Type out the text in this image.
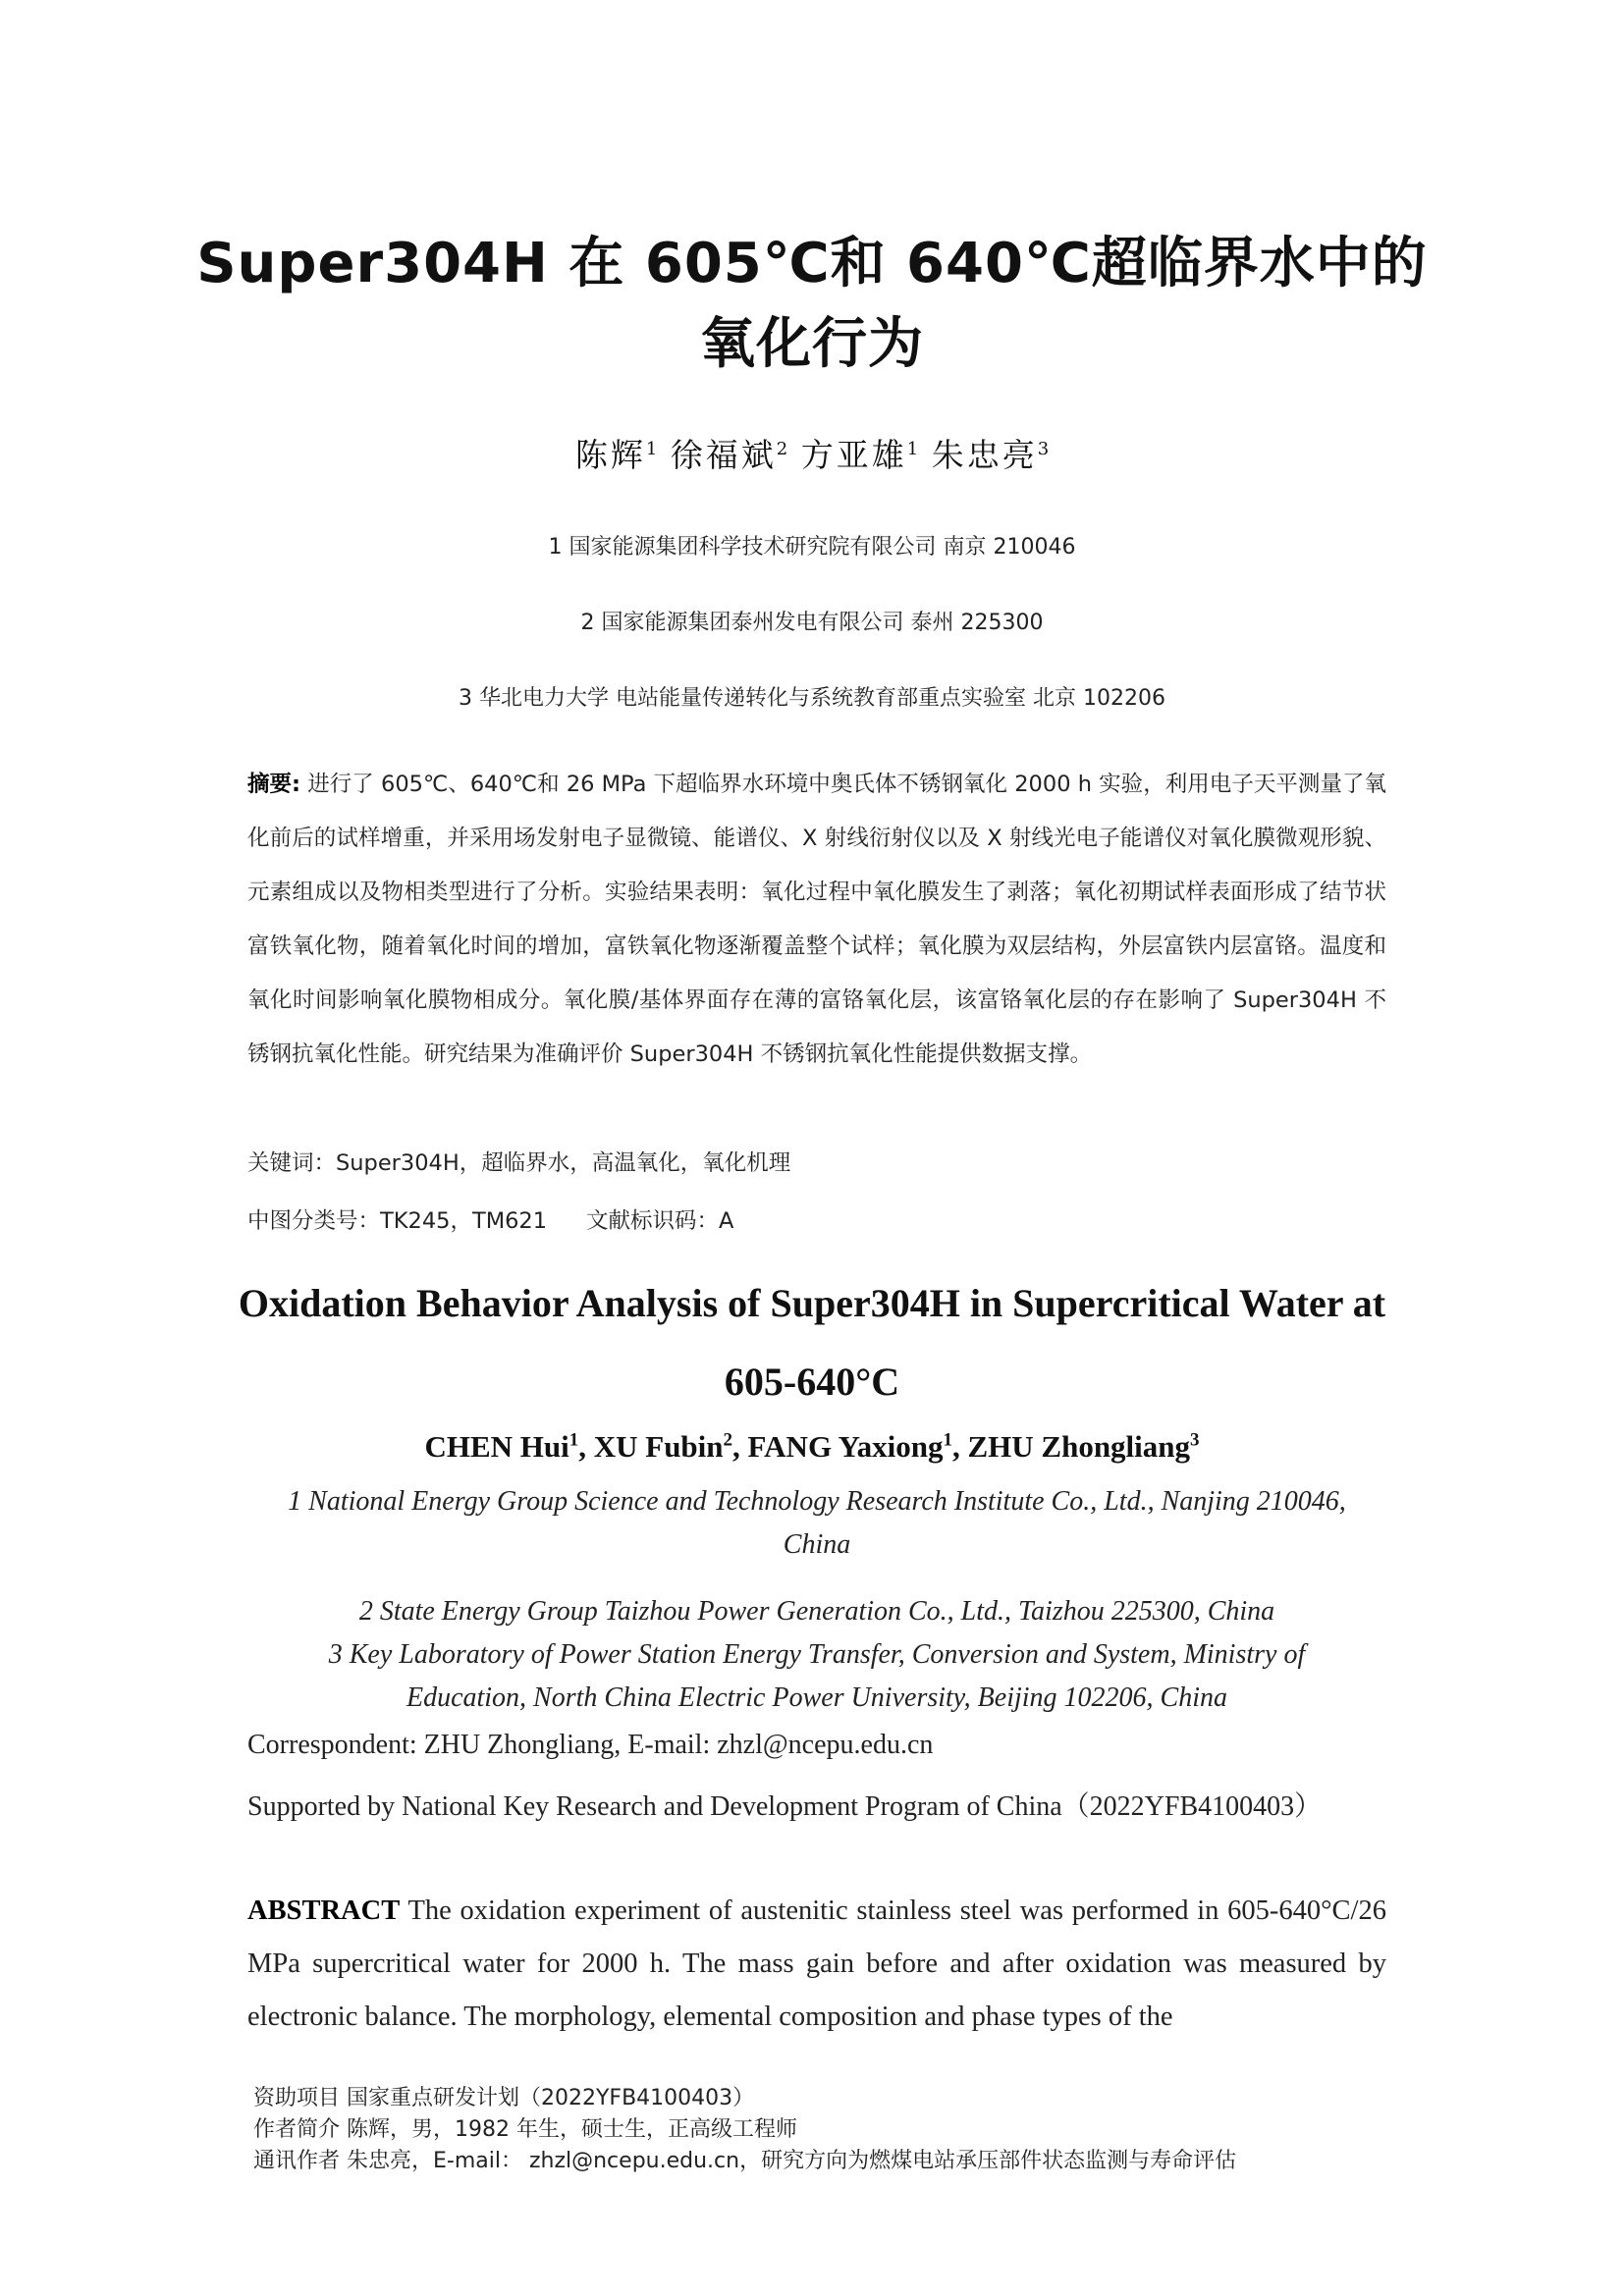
Super304H 在 605℃和 640℃超临界水中的
氧化行为
陈辉$^1$ 徐福斌$^2$ 方亚雄$^1$ 朱忠亮$^3$
1 国家能源集团科学技术研究院有限公司 南京 210046
2 国家能源集团泰州发电有限公司 泰州 225300
3 华北电力大学 电站能量传递转化与系统教育部重点实验室 北京 102206

摘要: 进行了 605℃、640℃和 26 MPa 下超临界水环境中奥氏体不锈钢氧化 2000 h 实验，利用电子天平测量了氧化前后的试样增重，并采用场发射电子显微镜、能谱仪、X 射线衍射仪以及 X 射线光电子能谱仪对氧化膜微观形貌、元素组成以及物相类型进行了分析。实验结果表明：氧化过程中氧化膜发生了剥落；氧化初期试样表面形成了结节状富铁氧化物，随着氧化时间的增加，富铁氧化物逐渐覆盖整个试样；氧化膜为双层结构，外层富铁内层富铬。温度和氧化时间影响氧化膜物相成分。氧化膜/基体界面存在薄的富铬氧化层，该富铬氧化层的存在影响了 Super304H 不锈钢抗氧化性能。研究结果为准确评价 Super304H 不锈钢抗氧化性能提供数据支撑。

关键词：Super304H，超临界水，高温氧化，氧化机理
中图分类号：TK245，TM621 文献标识码：A
Oxidation Behavior Analysis of Super304H in Supercritical Water at
605-640°C
CHEN Hui$^1$, XU Fubin$^2$, FANG Yaxiong$^1$, ZHU Zhongliang$^3$
1 National Energy Group Science and Technology Research Institute Co., Ltd., Nanjing 210046,
China
2 State Energy Group Taizhou Power Generation Co., Ltd., Taizhou 225300, China
3 Key Laboratory of Power Station Energy Transfer, Conversion and System, Ministry of
Education, North China Electric Power University, Beijing 102206, China
Correspondent: ZHU Zhongliang, E-mail: zhzl@ncepu.edu.cn
Supported by National Key Research and Development Program of China（2022YFB4100403）

ABSTRACT The oxidation experiment of austenitic stainless steel was performed in 605-640°C/26 MPa supercritical water for 2000 h. The mass gain before and after oxidation was measured by electronic balance. The morphology, elemental composition and phase types of the

资助项目 国家重点研发计划（2022YFB4100403）
作者简介 陈辉，男，1982 年生，硕士生，正高级工程师
通讯作者 朱忠亮，E-mail： zhzl@ncepu.edu.cn，研究方向为燃煤电站承压部件状态监测与寿命评估
